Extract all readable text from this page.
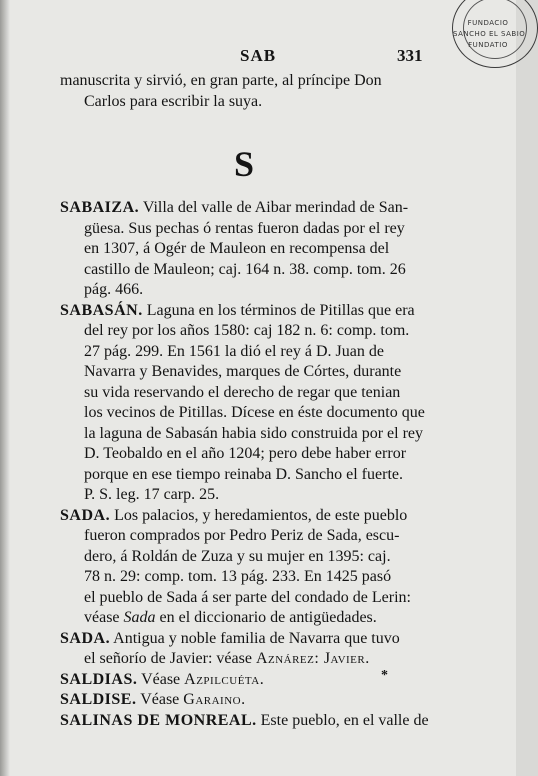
FUNDACIO
SANCHO EL SABIO
FUNDATIO
SAB	331
manuscrita y sirvió, en gran parte, al príncipe Don
Carlos para escribir la suya.
S

SABAIZA. Villa del valle de Aibar merindad de San-
güesa. Sus pechas ó rentas fueron dadas por el rey
en 1307, á Ogér de Mauleon en recompensa del
castillo de Mauleon; caj. 164 n. 38. comp. tom. 26
pág. 466.

SABASÁN. Laguna en los términos de Pitillas que era
del rey por los años 1580: caj 182 n. 6: comp. tom.
27 pág. 299. En 1561 la dió el rey á D. Juan de
Navarra y Benavides, marques de Córtes, durante
su vida reservando el derecho de regar que tenian
los vecinos de Pitillas. Dícese en éste documento que
la laguna de Sabasán habia sido construida por el rey
D. Teobaldo en el año 1204; pero debe haber error
porque en ese tiempo reinaba D. Sancho el fuerte.
P. S. leg. 17 carp. 25.

SADA. Los palacios, y heredamientos, de este pueblo
fueron comprados por Pedro Periz de Sada, escu-
dero, á Roldán de Zuza y su mujer en 1395: caj.
78 n. 29: comp. tom. 13 pág. 233. En 1425 pasó
el pueblo de Sada á ser parte del condado de Lerin:
véase Sada en el diccionario de antigüedades.

SADA. Antigua y noble familia de Navarra que tuvo
el señorío de Javier: véase Aznárez: Javier.

SALDIAS. Véase Azpilcuéta.

SALDISE. Véase Garaino.

SALINAS DE MONREAL. Este pueblo, en el valle de

*
